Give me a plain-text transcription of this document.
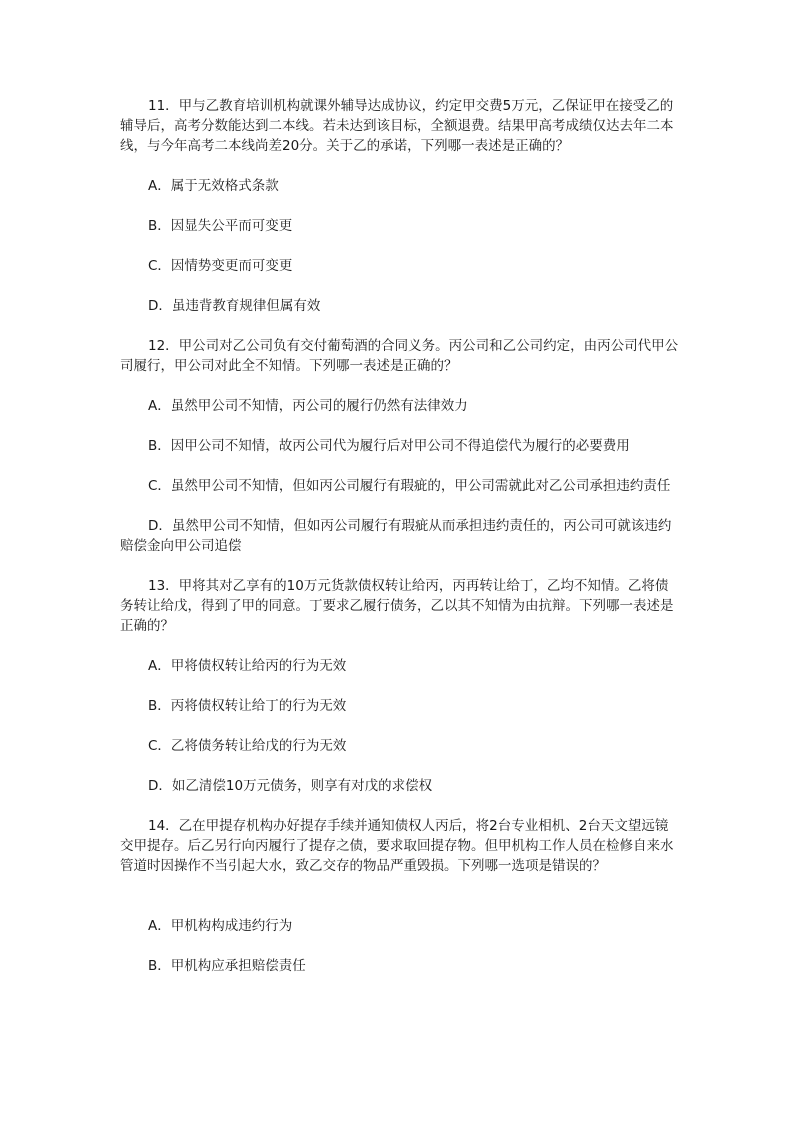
11．甲与乙教育培训机构就课外辅导达成协议，约定甲交费5万元，乙保证甲在接受乙的辅导后，高考分数能达到二本线。若未达到该目标，全额退费。结果甲高考成绩仅达去年二本线，与今年高考二本线尚差20分。关于乙的承诺，下列哪一表述是正确的？

A．属于无效格式条款

B．因显失公平而可变更

C．因情势变更而可变更

D．虽违背教育规律但属有效

12．甲公司对乙公司负有交付葡萄酒的合同义务。丙公司和乙公司约定，由丙公司代甲公司履行，甲公司对此全不知情。下列哪一表述是正确的？

A．虽然甲公司不知情，丙公司的履行仍然有法律效力

B．因甲公司不知情，故丙公司代为履行后对甲公司不得追偿代为履行的必要费用

C．虽然甲公司不知情，但如丙公司履行有瑕疵的，甲公司需就此对乙公司承担违约责任

D．虽然甲公司不知情，但如丙公司履行有瑕疵从而承担违约责任的，丙公司可就该违约赔偿金向甲公司追偿

13．甲将其对乙享有的10万元货款债权转让给丙，丙再转让给丁，乙均不知情。乙将债务转让给戊，得到了甲的同意。丁要求乙履行债务，乙以其不知情为由抗辩。下列哪一表述是正确的？

A．甲将债权转让给丙的行为无效

B．丙将债权转让给丁的行为无效

C．乙将债务转让给戊的行为无效

D．如乙清偿10万元债务，则享有对戊的求偿权

14．乙在甲提存机构办好提存手续并通知债权人丙后，将2台专业相机、2台天文望远镜交甲提存。后乙另行向丙履行了提存之债，要求取回提存物。但甲机构工作人员在检修自来水管道时因操作不当引起大水，致乙交存的物品严重毁损。下列哪一选项是错误的？

A．甲机构构成违约行为

B．甲机构应承担赔偿责任
